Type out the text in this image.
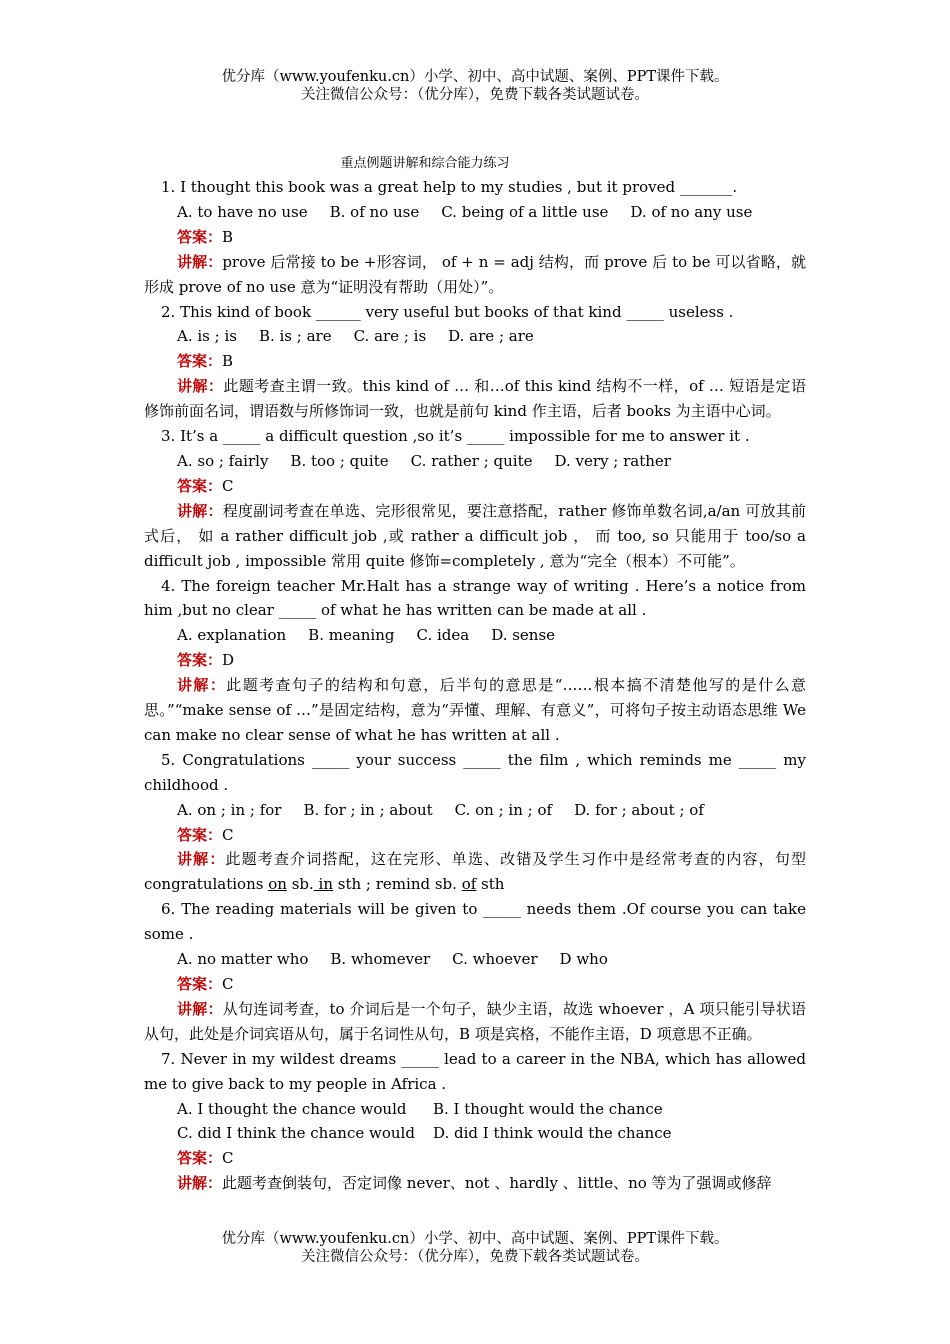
优分库（www.youfenku.cn）小学、初中、高中试题、案例、PPT课件下载。
关注微信公众号：（优分库），免费下载各类试题试卷。
重点例题讲解和综合能力练习

1. I thought this book was a great help to my studies , but it proved _______.

A. to have no use B. of no use C. being of a little use D. of no any use

答案：B

讲解：prove 后常接 to be +形容词， of + n = adj 结构，而 prove 后 to be 可以省略，就形成 prove of no use 意为“证明没有帮助（用处）”。

2. This kind of book ______ very useful but books of that kind _____ useless .

A. is ; is B. is ; are C. are ; is D. are ; are

答案：B

讲解：此题考查主谓一致。this kind of … 和…of this kind 结构不一样，of … 短语是定语修饰前面名词，谓语数与所修饰词一致，也就是前句 kind 作主语，后者 books 为主语中心词。

3. It’s a _____ a difficult question ,so it’s _____ impossible for me to answer it .

A. so ; fairly B. too ; quite C. rather ; quite D. very ; rather

答案：C

讲解：程度副词考查在单选、完形很常见，要注意搭配，rather 修饰单数名词,a/an 可放其前式后， 如 a rather difficult job ,或 rather a difficult job ， 而 too, so 只能用于 too/so a difficult job , impossible 常用 quite 修饰=completely , 意为“完全（根本）不可能”。

4. The foreign teacher Mr.Halt has a strange way of writing . Here’s a notice from him ,but no clear _____ of what he has written can be made at all .

A. explanation B. meaning C. idea D. sense

答案：D

讲解：此题考查句子的结构和句意，后半句的意思是“……根本搞不清楚他写的是什么意思。”“make sense of …”是固定结构，意为“弄懂、理解、有意义”，可将句子按主动语态思维 We can make no clear sense of what he has written at all .

5. Congratulations _____ your success _____ the film , which reminds me _____ my childhood .

A. on ; in ; for B. for ; in ; about C. on ; in ; of D. for ; about ; of

答案：C

讲解：此题考查介词搭配，这在完形、单选、改错及学生习作中是经常考查的内容，句型 congratulations on sb. in sth ; remind sb. of sth

6. The reading materials will be given to _____ needs them .Of course you can take some .

A. no matter who B. whomever C. whoever D who

答案：C

讲解：从句连词考查，to 介词后是一个句子，缺少主语，故选 whoever ，A 项只能引导状语从句，此处是介词宾语从句，属于名词性从句，B 项是宾格，不能作主语，D 项意思不正确。

7. Never in my wildest dreams _____ lead to a career in the NBA, which has allowed me to give back to my people in Africa .

A. I thought the chance would	B. I thought would the chance

C. did I think the chance would	D. did I think would the chance

答案：C

讲解：此题考查倒装句，否定词像 never、not 、hardly 、little、no 等为了强调或修辞

优分库（www.youfenku.cn）小学、初中、高中试题、案例、PPT课件下载。
关注微信公众号：（优分库），免费下载各类试题试卷。
